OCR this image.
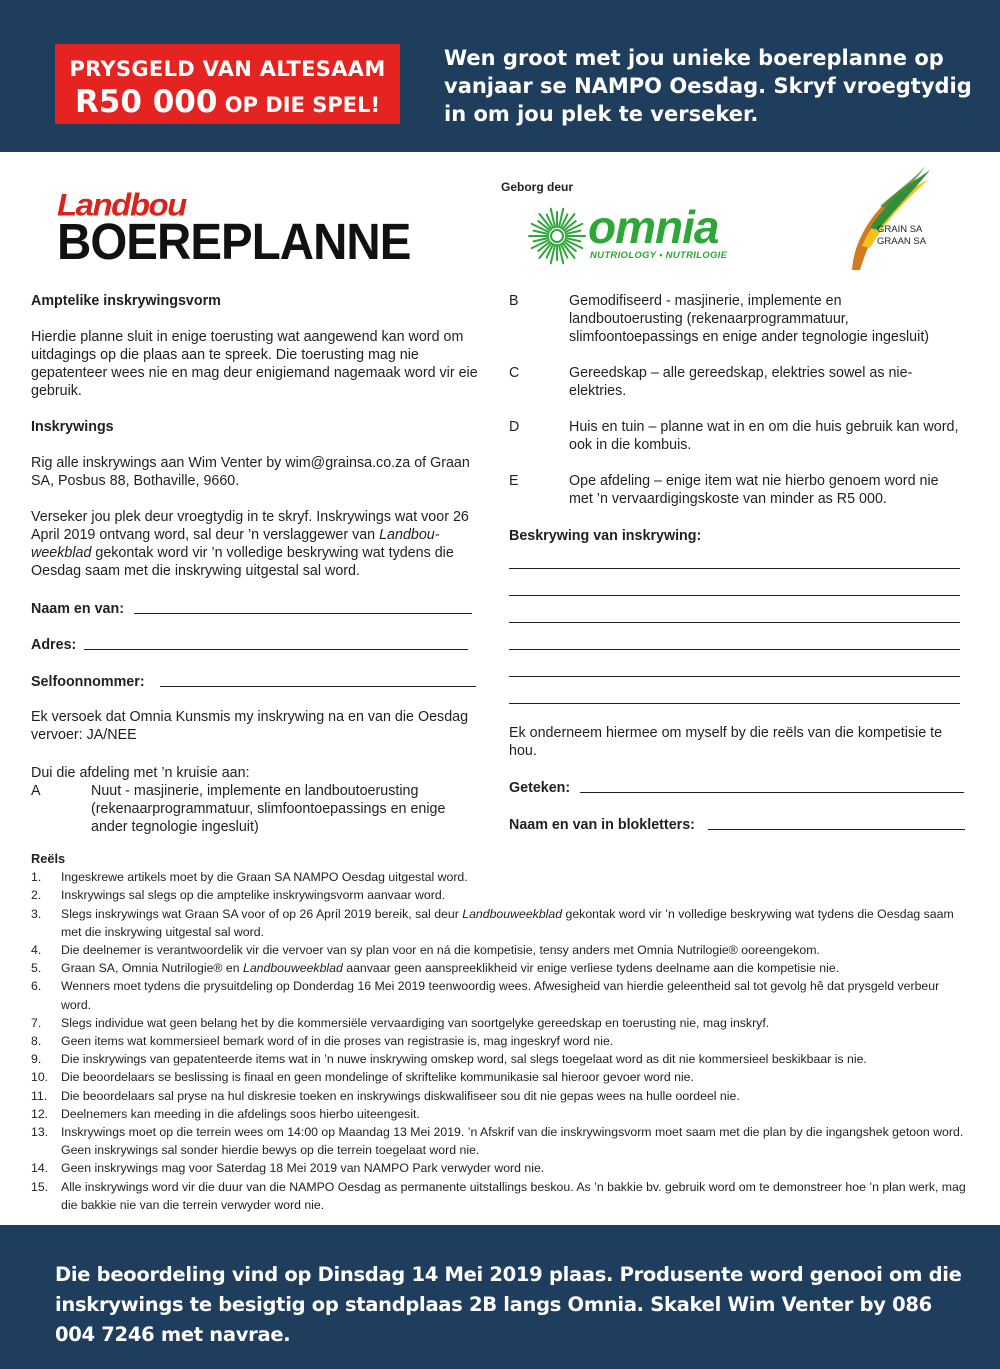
PRYSGELD VAN ALTESAAM
R50 000 OP DIE SPEL!
Wen groot met jou unieke boereplanne op vanjaar se NAMPO Oesdag. Skryf vroegtydig in om jou plek te verseker.
Landbou
BOEREPLANNE
Geborg deur
omnia
NUTRIOLOGY • NUTRILOGIE
GRAIN SA
GRAAN SA
Amptelike inskrywingsvorm
Hierdie planne sluit in enige toerusting wat aangewend kan word om uitdagings op die plaas aan te spreek. Die toerusting mag nie gepatenteer wees nie en mag deur enigiemand nagemaak word vir eie gebruik.
Inskrywings
Rig alle inskrywings aan Wim Venter by wim@grainsa.co.za of Graan SA, Posbus 88, Bothaville, 9660.
Verseker jou plek deur vroegtydig in te skryf. Inskrywings wat voor 26 April 2019 ontvang word, sal deur ’n verslaggewer van Landbouweekblad gekontak word vir ’n volledige beskrywing wat tydens die Oesdag saam met die inskrywing uitgestal sal word.
Naam en van:
Adres:
Selfoonnommer:
Ek versoek dat Omnia Kunsmis my inskrywing na en van die Oesdag vervoer: JA/NEE
Dui die afdeling met ’n kruisie aan:
A	Nuut - masjinerie, implemente en landboutoerusting (rekenaarprogrammatuur, slimfoontoepassings en enige ander tegnologie ingesluit)
B	Gemodifiseerd - masjinerie, implemente en landboutoerusting (rekenaarprogrammatuur, slimfoontoepassings en enige ander tegnologie ingesluit)
C	Gereedskap – alle gereedskap, elektries sowel as nie-elektries.
D	Huis en tuin – planne wat in en om die huis gebruik kan word, ook in die kombuis.
E	Ope afdeling – enige item wat nie hierbo genoem word nie met ’n vervaardigingskoste van minder as R5 000.
Beskrywing van inskrywing:
Ek onderneem hiermee om myself by die reëls van die kompetisie te hou.
Geteken:
Naam en van in blokletters:
Reëls
1. Ingeskrewe artikels moet by die Graan SA NAMPO Oesdag uitgestal word.
2. Inskrywings sal slegs op die amptelike inskrywingsvorm aanvaar word.
3. Slegs inskrywings wat Graan SA voor of op 26 April 2019 bereik, sal deur Landbouweekblad gekontak word vir ’n volledige beskrywing wat tydens die Oesdag saam met die inskrywing uitgestal sal word.
4. Die deelnemer is verantwoordelik vir die vervoer van sy plan voor en ná die kompetisie, tensy anders met Omnia Nutrilogie® ooreengekom.
5. Graan SA, Omnia Nutrilogie® en Landbouweekblad aanvaar geen aanspreeklikheid vir enige verliese tydens deelname aan die kompetisie nie.
6. Wenners moet tydens die prysuitdeling op Donderdag 16 Mei 2019 teenwoordig wees. Afwesigheid van hierdie geleentheid sal tot gevolg hê dat prysgeld verbeur word.
7. Slegs individue wat geen belang het by die kommersiële vervaardiging van soortgelyke gereedskap en toerusting nie, mag inskryf.
8. Geen items wat kommersieel bemark word of in die proses van registrasie is, mag ingeskryf word nie.
9. Die inskrywings van gepatenteerde items wat in ’n nuwe inskrywing omskep word, sal slegs toegelaat word as dit nie kommersieel beskikbaar is nie.
10. Die beoordelaars se beslissing is finaal en geen mondelinge of skriftelike kommunikasie sal hieroor gevoer word nie.
11. Die beoordelaars sal pryse na hul diskresie toeken en inskrywings diskwalifiseer sou dit nie gepas wees na hulle oordeel nie.
12. Deelnemers kan meeding in die afdelings soos hierbo uiteengesit.
13. Inskrywings moet op die terrein wees om 14:00 op Maandag 13 Mei 2019. ’n Afskrif van die inskrywingsvorm moet saam met die plan by die ingangshek getoon word. Geen inskrywings sal sonder hierdie bewys op die terrein toegelaat word nie.
14. Geen inskrywings mag voor Saterdag 18 Mei 2019 van NAMPO Park verwyder word nie.
15. Alle inskrywings word vir die duur van die NAMPO Oesdag as permanente uitstallings beskou. As ’n bakkie bv. gebruik word om te demonstreer hoe ’n plan werk, mag die bakkie nie van die terrein verwyder word nie.
Die beoordeling vind op Dinsdag 14 Mei 2019 plaas. Produsente word genooi om die inskrywings te besigtig op standplaas 2B langs Omnia. Skakel Wim Venter by 086 004 7246 met navrae.
